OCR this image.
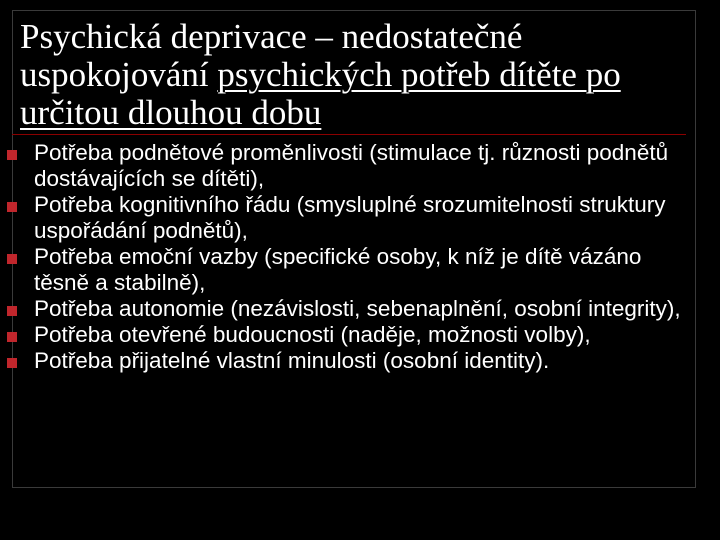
Psychická deprivace – nedostatečné uspokojování psychických potřeb dítěte po určitou dlouhou dobu
Potřeba podnětové proměnlivosti (stimulace tj. různosti podnětů dostávajících se dítěti),
Potřeba kognitivního řádu (smysluplné srozumitelnosti struktury uspořádání podnětů),
Potřeba emoční vazby (specifické osoby, k níž je dítě vázáno těsně a stabilně),
Potřeba autonomie (nezávislosti, sebenaplnění, osobní integrity),
Potřeba otevřené budoucnosti (naděje, možnosti volby),
Potřeba přijatelné vlastní minulosti (osobní identity).
